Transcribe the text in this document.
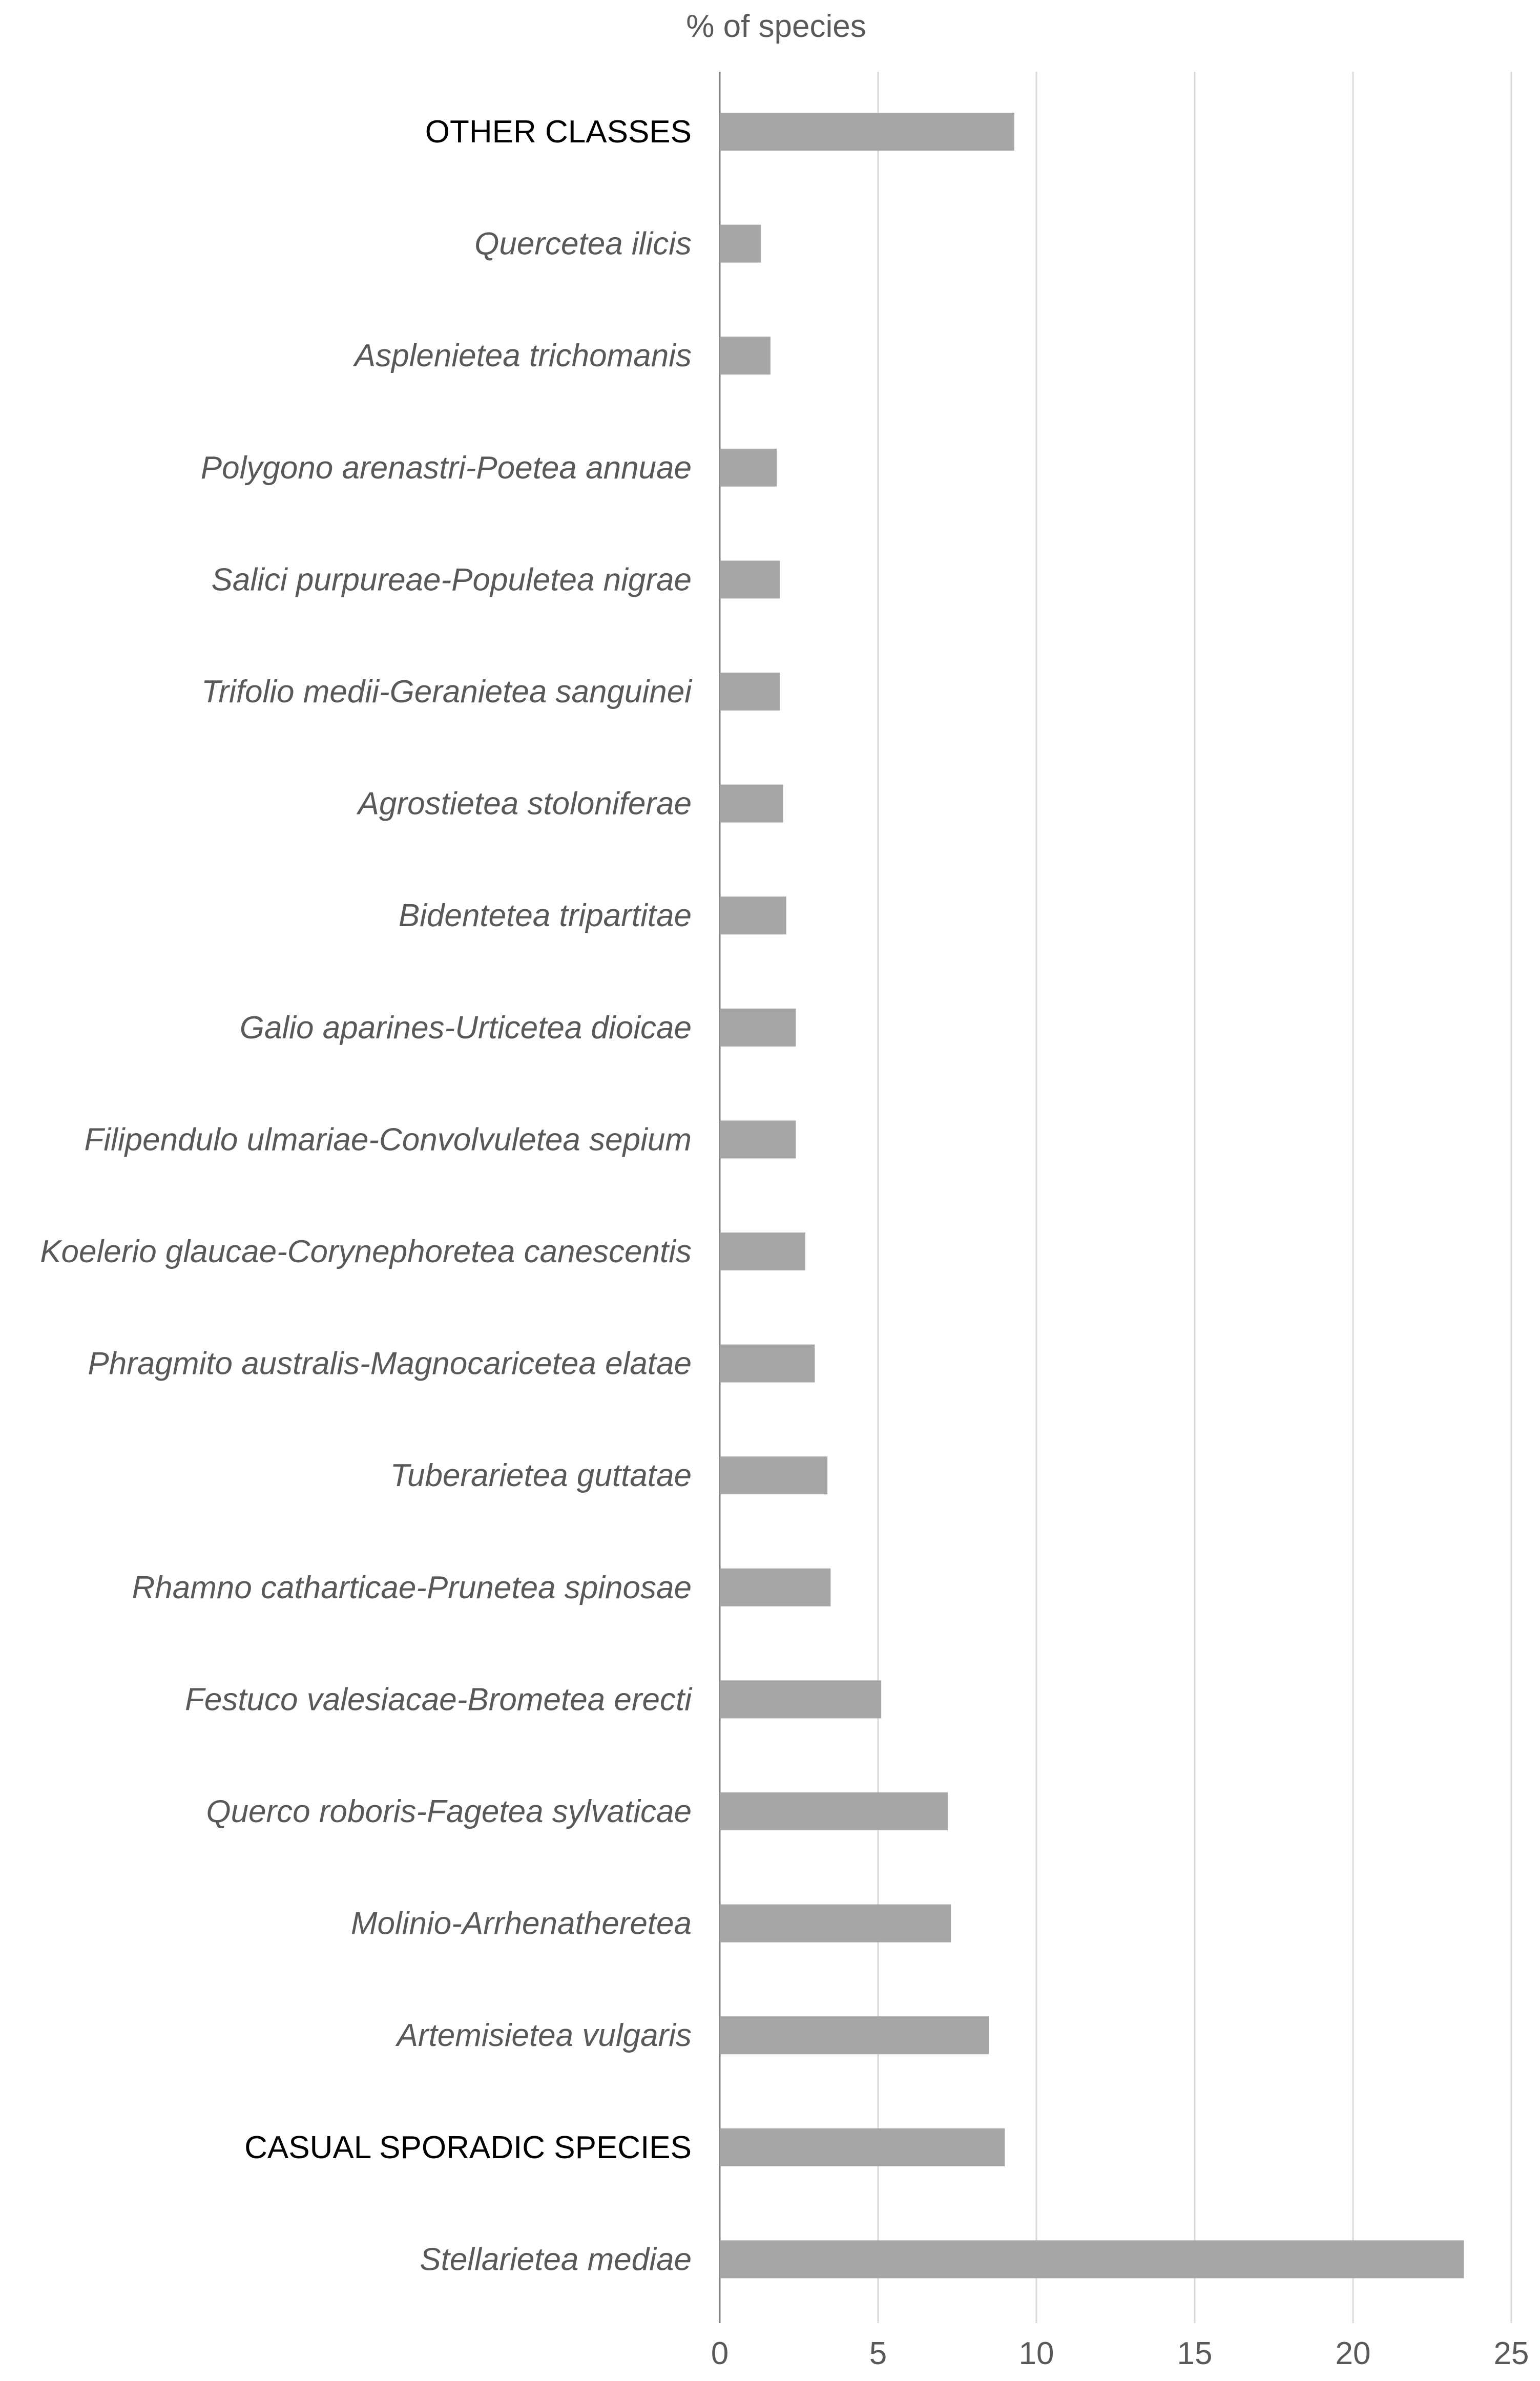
% of species
OTHER CLASSES
Quercetea ilicis
Asplenietea trichomanis
Polygono arenastri-Poetea annuae
Salici purpureae-Populetea nigrae
Trifolio medii-Geranietea sanguinei
Agrostietea stoloniferae
Bidentetea tripartitae
Galio aparines-Urticetea dioicae
Filipendulo ulmariae-Convolvuletea sepium
Koelerio glaucae-Corynephoretea canescentis
Phragmito australis-Magnocaricetea elatae
Tuberarietea guttatae
Rhamno catharticae-Prunetea spinosae
Festuco valesiacae-Brometea erecti
Querco roboris-Fagetea sylvaticae
Molinio-Arrhenatheretea
Artemisietea vulgaris
CASUAL SPORADIC SPECIES
Stellarietea mediae
0	5	10	15	20	25
